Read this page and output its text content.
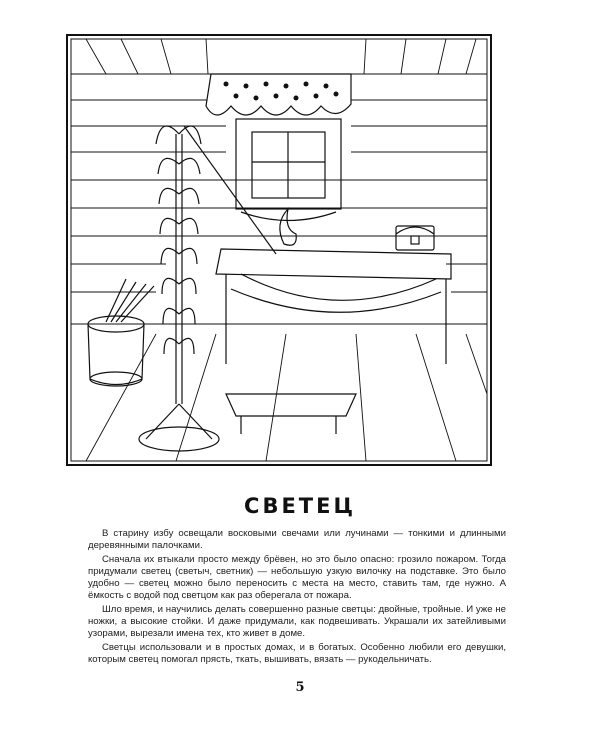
СВЕТЕЦ

В старину избу освещали восковыми свечами или лучинами — тонкими и длинными деревянными палочками.

Сначала их втыкали просто между брёвен, но это было опасно: грозило пожаром. Тогда придумали светец (светыч, светник) — небольшую узкую вилочку на подставке. Это было удобно — светец можно было переносить с места на место, ставить там, где нужно. А ёмкость с водой под светцом как раз оберегала от пожара.

Шло время, и научились делать совершенно разные светцы: двойные, тройные. И уже не ножки, а высокие стойки. И даже придумали, как подвешивать. Украшали их затейливыми узорами, вырезали имена тех, кто живет в доме.

Светцы использовали и в простых домах, и в богатых. Особенно любили его девушки, которым светец помогал прясть, ткать, вышивать, вязать — рукодельничать.

5
